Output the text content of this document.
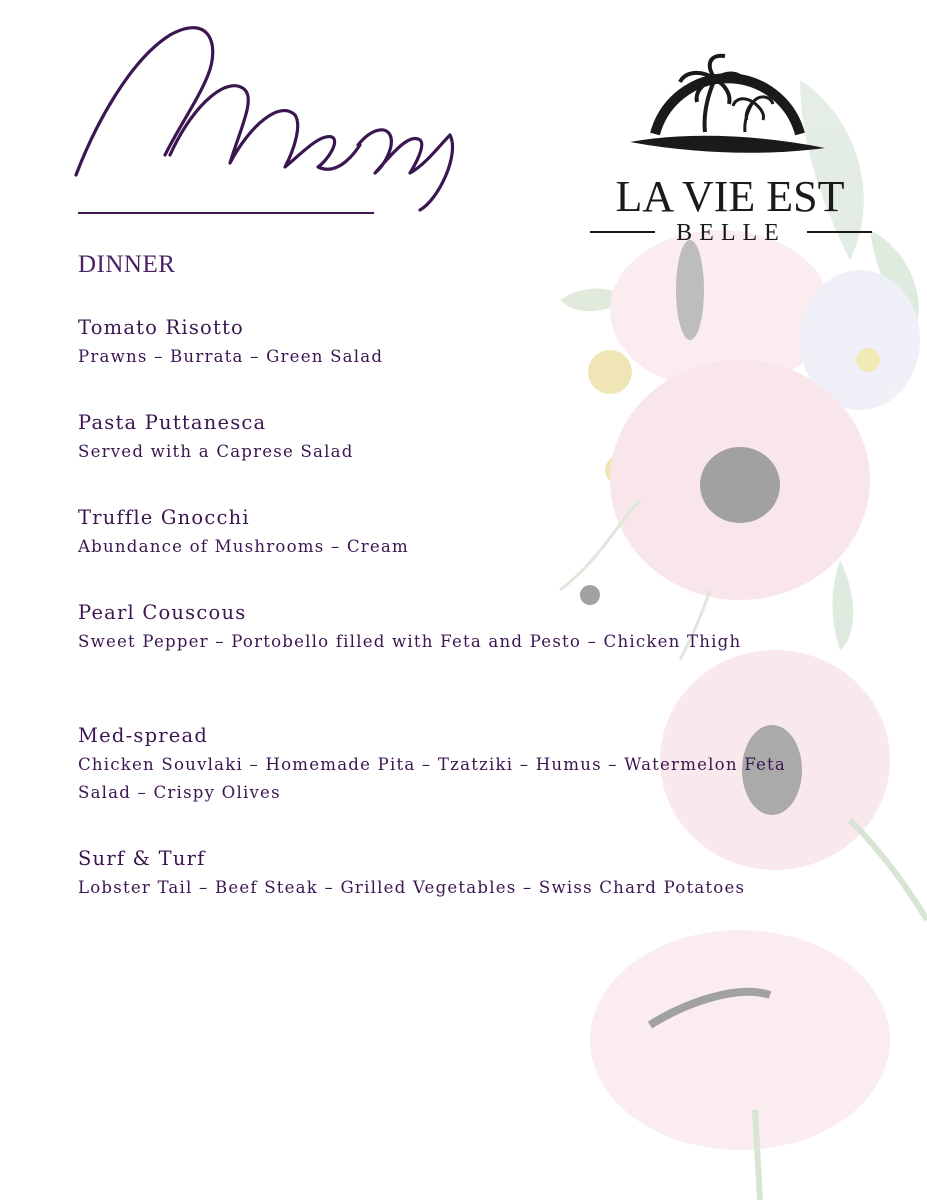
LA VIE EST
BELLE
DINNER
Tomato Risotto
Prawns – Burrata – Green Salad
Pasta Puttanesca
Served with a Caprese Salad
Truffle Gnocchi
Abundance of Mushrooms – Cream
Pearl Couscous
Sweet Pepper – Portobello filled with Feta and Pesto – Chicken Thigh
Med-spread
Chicken Souvlaki – Homemade Pita – Tzatziki – Humus – Watermelon Feta Salad – Crispy Olives
Surf & Turf
Lobster Tail – Beef Steak – Grilled Vegetables – Swiss Chard Potatoes
